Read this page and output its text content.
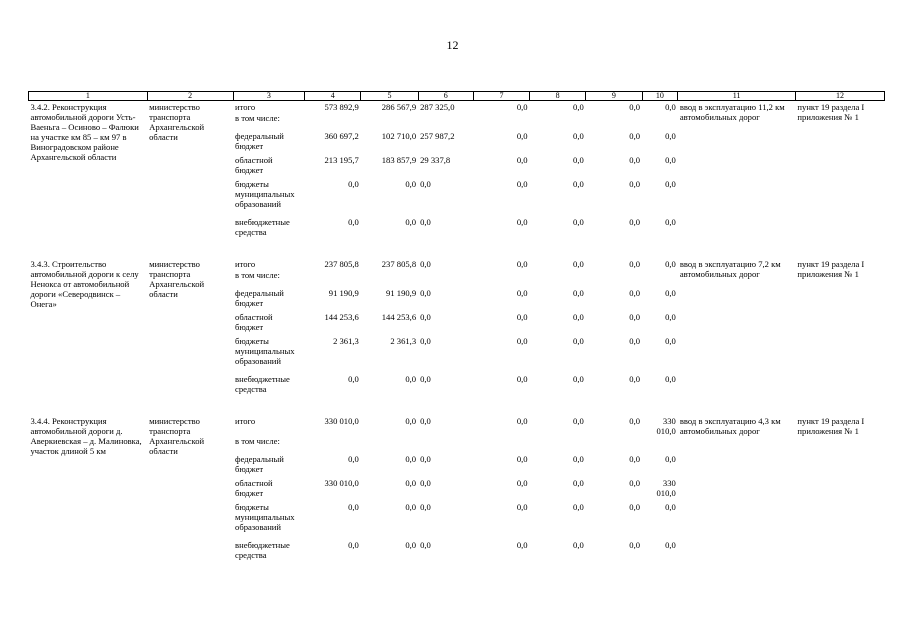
12
1	2	3	4	5	6	7	8	9	10	11	12
3.4.2. Реконструкция автомобильной дороги Усть-Ваеньга – Осиново – Фалюки на участке км 85 – км 97 в Виноградовском районе Архангельской области	министерство транспорта Архангельской области	итого	573 892,9	286 567,9	287 325,0	0,0	0,0	0,0	0,0	ввод в эксплуатацию 11,2 км автомобильных дорог	пункт 19 раздела I приложения № 1
		в том числе:									
		федеральный бюджет	360 697,2	102 710,0	257 987,2	0,0	0,0	0,0	0,0		
		областной бюджет	213 195,7	183 857,9	29 337,8	0,0	0,0	0,0	0,0		
		бюджеты муниципальных образований	0,0	0,0	0,0	0,0	0,0	0,0	0,0		
		внебюджетные средства	0,0	0,0	0,0	0,0	0,0	0,0	0,0		

3.4.3. Строительство автомобильной дороги к селу Ненокса от автомобильной дороги «Северодвинск – Онега»	министерство транспорта Архангельской области	итого	237 805,8	237 805,8	0,0	0,0	0,0	0,0	0,0	ввод в эксплуатацию 7,2 км автомобильных дорог	пункт 19 раздела I приложения № 1
		в том числе:									
		федеральный бюджет	91 190,9	91 190,9	0,0	0,0	0,0	0,0	0,0		
		областной бюджет	144 253,6	144 253,6	0,0	0,0	0,0	0,0	0,0		
		бюджеты муниципальных образований	2 361,3	2 361,3	0,0	0,0	0,0	0,0	0,0		
		внебюджетные средства	0,0	0,0	0,0	0,0	0,0	0,0	0,0		

3.4.4. Реконструкция автомобильной дороги д. Аверкиевская – д. Малиновка, участок длиной 5 км	министерство транспорта Архангельской области	итого	330 010,0	0,0	0,0	0,0	0,0	0,0	330 010,0	ввод в эксплуатацию 4,3 км автомобильных дорог	пункт 19 раздела I приложения № 1
		в том числе:									
		федеральный бюджет	0,0	0,0	0,0	0,0	0,0	0,0	0,0		
		областной бюджет	330 010,0	0,0	0,0	0,0	0,0	0,0	330 010,0		
		бюджеты муниципальных образований	0,0	0,0	0,0	0,0	0,0	0,0	0,0		
		внебюджетные средства	0,0	0,0	0,0	0,0	0,0	0,0	0,0		
